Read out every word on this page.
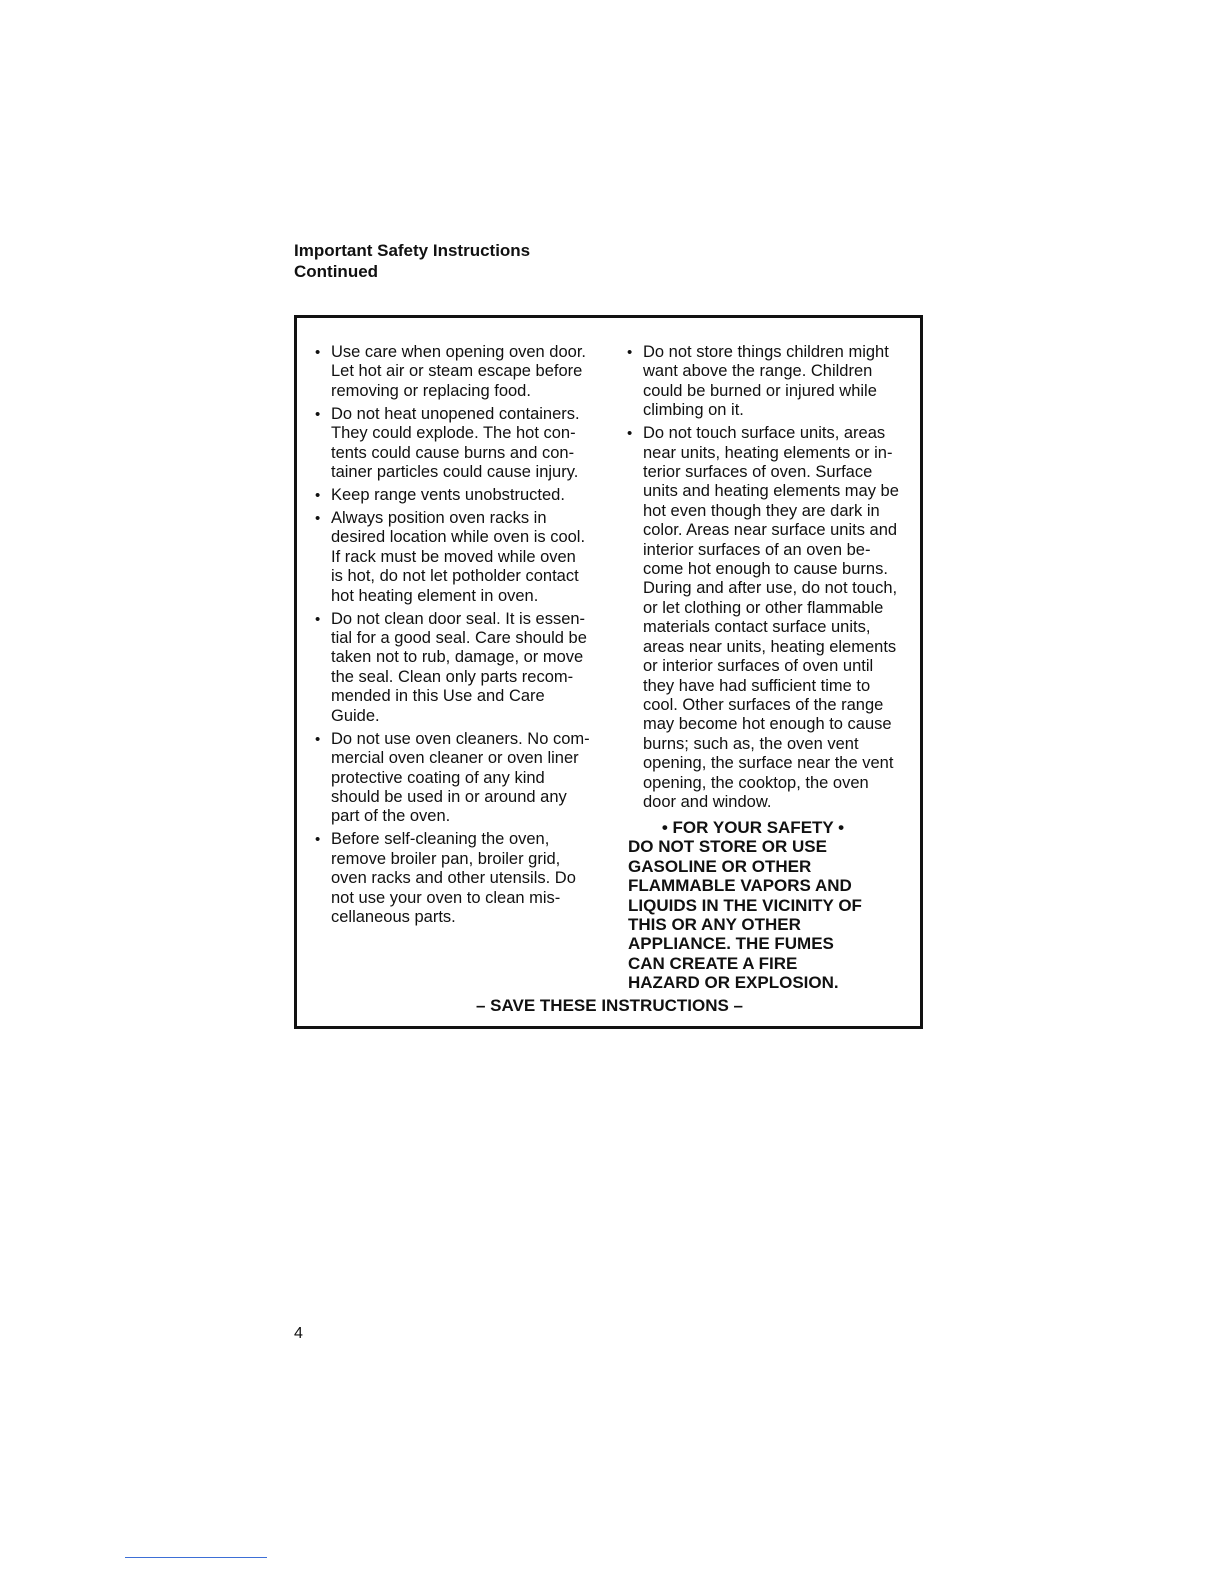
Important Safety Instructions
Continued
• Use care when opening oven door.
Let hot air or steam escape before
removing or replacing food.
• Do not heat unopened containers.
They could explode. The hot con-
tents could cause burns and con-
tainer particles could cause injury.
• Keep range vents unobstructed.
• Always position oven racks in
desired location while oven is cool.
If rack must be moved while oven
is hot, do not let potholder contact
hot heating element in oven.
• Do not clean door seal. It is essen-
tial for a good seal. Care should be
taken not to rub, damage, or move
the seal. Clean only parts recom-
mended in this Use and Care
Guide.
• Do not use oven cleaners. No com-
mercial oven cleaner or oven liner
protective coating of any kind
should be used in or around any
part of the oven.
• Before self-cleaning the oven,
remove broiler pan, broiler grid,
oven racks and other utensils. Do
not use your oven to clean mis-
cellaneous parts.
• Do not store things children might
want above the range. Children
could be burned or injured while
climbing on it.
• Do not touch surface units, areas
near units, heating elements or in-
terior surfaces of oven. Surface
units and heating elements may be
hot even though they are dark in
color. Areas near surface units and
interior surfaces of an oven be-
come hot enough to cause burns.
During and after use, do not touch,
or let clothing or other flammable
materials contact surface units,
areas near units, heating elements
or interior surfaces of oven until
they have had sufficient time to
cool. Other surfaces of the range
may become hot enough to cause
burns; such as, the oven vent
opening, the surface near the vent
opening, the cooktop, the oven
door and window.
• FOR YOUR SAFETY •
DO NOT STORE OR USE
GASOLINE OR OTHER
FLAMMABLE VAPORS AND
LIQUIDS IN THE VICINITY OF
THIS OR ANY OTHER
APPLIANCE. THE FUMES
CAN CREATE A FIRE
HAZARD OR EXPLOSION.
– SAVE THESE INSTRUCTIONS –
4
